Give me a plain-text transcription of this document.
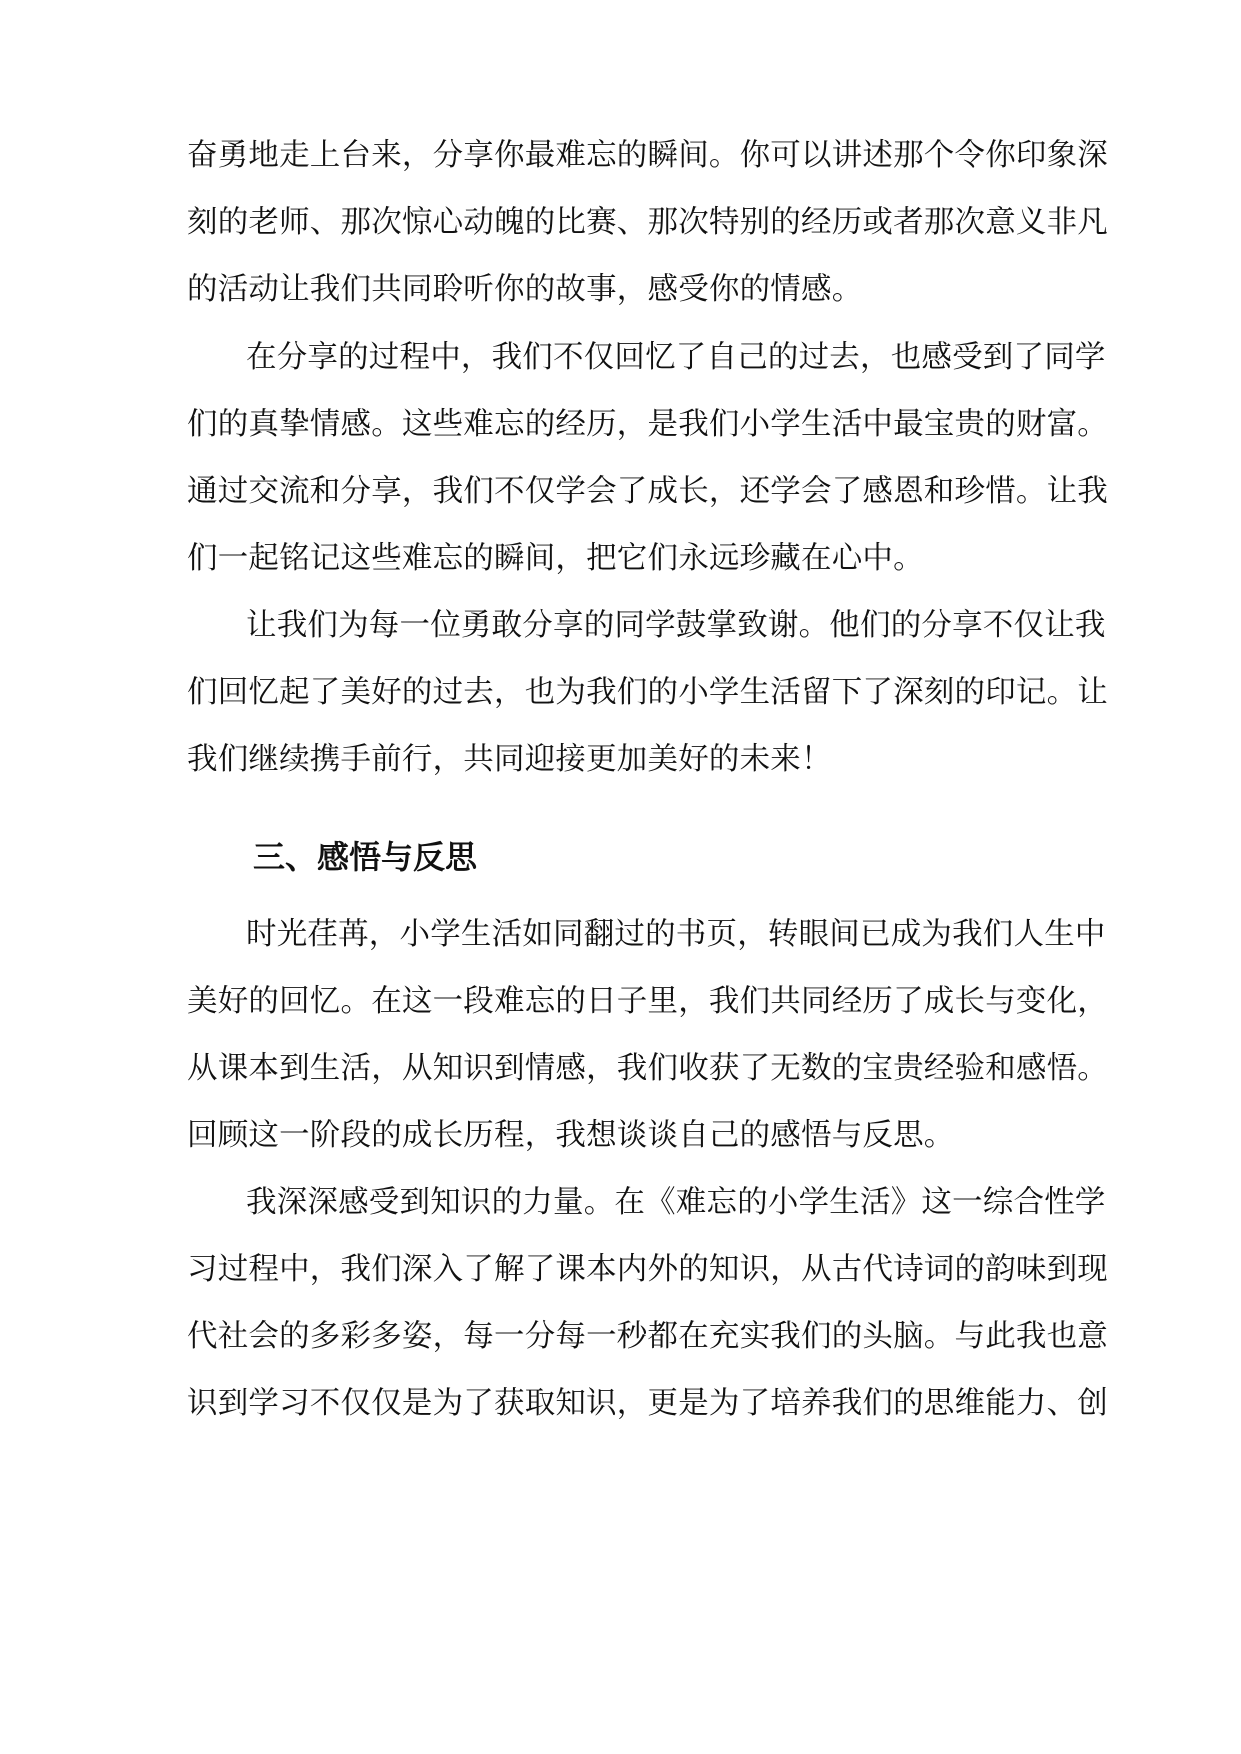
奋勇地走上台来，分享你最难忘的瞬间。你可以讲述那个令你印象深
刻的老师、那次惊心动魄的比赛、那次特别的经历或者那次意义非凡
的活动让我们共同聆听你的故事，感受你的情感。
在分享的过程中，我们不仅回忆了自己的过去，也感受到了同学
们的真挚情感。这些难忘的经历，是我们小学生活中最宝贵的财富。
通过交流和分享，我们不仅学会了成长，还学会了感恩和珍惜。让我
们一起铭记这些难忘的瞬间，把它们永远珍藏在心中。
让我们为每一位勇敢分享的同学鼓掌致谢。他们的分享不仅让我
们回忆起了美好的过去，也为我们的小学生活留下了深刻的印记。让
我们继续携手前行，共同迎接更加美好的未来！
三、感悟与反思
时光荏苒，小学生活如同翻过的书页，转眼间已成为我们人生中
美好的回忆。在这一段难忘的日子里，我们共同经历了成长与变化，
从课本到生活，从知识到情感，我们收获了无数的宝贵经验和感悟。
回顾这一阶段的成长历程，我想谈谈自己的感悟与反思。
我深深感受到知识的力量。在《难忘的小学生活》这一综合性学
习过程中，我们深入了解了课本内外的知识，从古代诗词的韵味到现
代社会的多彩多姿，每一分每一秒都在充实我们的头脑。与此我也意
识到学习不仅仅是为了获取知识，更是为了培养我们的思维能力、创
